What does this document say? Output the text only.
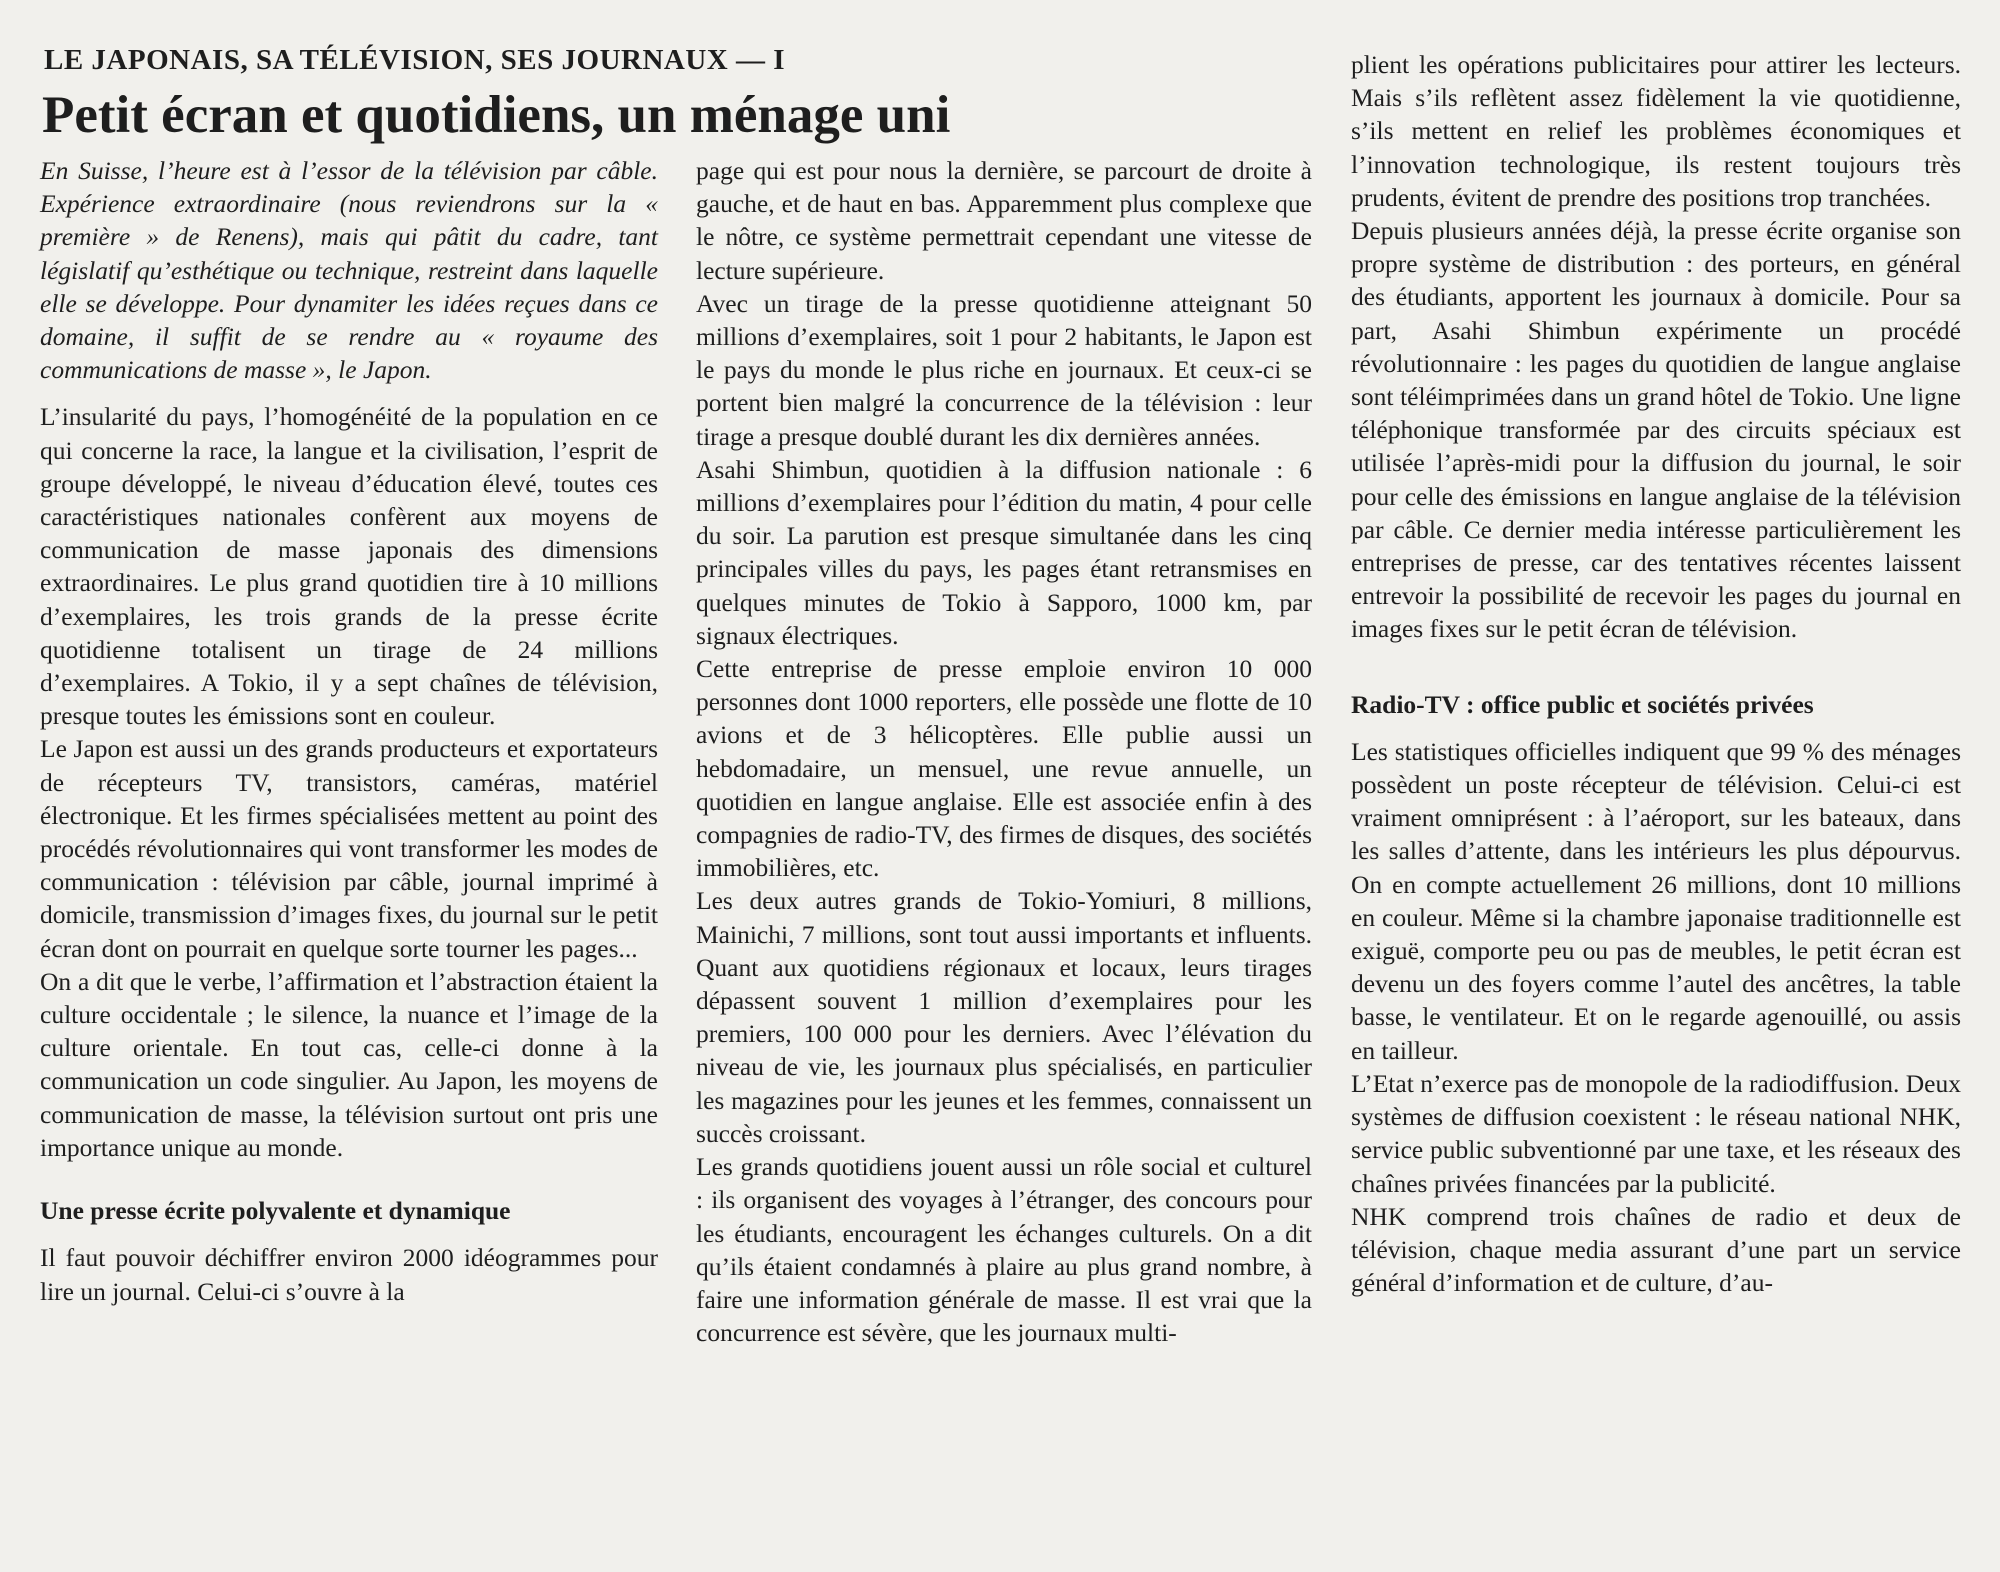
LE JAPONAIS, SA TÉLÉVISION, SES JOURNAUX — I
Petit écran et quotidiens, un ménage uni

En Suisse, l’heure est à l’essor de la télévision par câble. Expérience extraordinaire (nous reviendrons sur la « première » de Renens), mais qui pâtit du cadre, tant législatif qu’esthétique ou technique, restreint dans laquelle elle se développe. Pour dynamiter les idées reçues dans ce domaine, il suffit de se rendre au « royaume des communications de masse », le Japon.

L’insularité du pays, l’homogénéité de la population en ce qui concerne la race, la langue et la civilisation, l’esprit de groupe développé, le niveau d’éducation élevé, toutes ces caractéristiques nationales confèrent aux moyens de communication de masse japonais des dimensions extraordinaires. Le plus grand quotidien tire à 10 millions d’exemplaires, les trois grands de la presse écrite quotidienne totalisent un tirage de 24 millions d’exemplaires. A Tokio, il y a sept chaînes de télévision, presque toutes les émissions sont en couleur.

Le Japon est aussi un des grands producteurs et exportateurs de récepteurs TV, transistors, caméras, matériel électronique. Et les firmes spécialisées mettent au point des procédés révolutionnaires qui vont transformer les modes de communication : télévision par câble, journal imprimé à domicile, transmission d’images fixes, du journal sur le petit écran dont on pourrait en quelque sorte tourner les pages...

On a dit que le verbe, l’affirmation et l’abstraction étaient la culture occidentale ; le silence, la nuance et l’image de la culture orientale. En tout cas, celle-ci donne à la communication un code singulier. Au Japon, les moyens de communication de masse, la télévision surtout ont pris une importance unique au monde.

Une presse écrite polyvalente et dynamique

Il faut pouvoir déchiffrer environ 2000 idéogrammes pour lire un journal. Celui-ci s’ouvre à la

page qui est pour nous la dernière, se parcourt de droite à gauche, et de haut en bas. Apparemment plus complexe que le nôtre, ce système permettrait cependant une vitesse de lecture supérieure.

Avec un tirage de la presse quotidienne atteignant 50 millions d’exemplaires, soit 1 pour 2 habitants, le Japon est le pays du monde le plus riche en journaux. Et ceux-ci se portent bien malgré la concurrence de la télévision : leur tirage a presque doublé durant les dix dernières années.

Asahi Shimbun, quotidien à la diffusion nationale : 6 millions d’exemplaires pour l’édition du matin, 4 pour celle du soir. La parution est presque simultanée dans les cinq principales villes du pays, les pages étant retransmises en quelques minutes de Tokio à Sapporo, 1000 km, par signaux électriques.

Cette entreprise de presse emploie environ 10 000 personnes dont 1000 reporters, elle possède une flotte de 10 avions et de 3 hélicoptères. Elle publie aussi un hebdomadaire, un mensuel, une revue annuelle, un quotidien en langue anglaise. Elle est associée enfin à des compagnies de radio-TV, des firmes de disques, des sociétés immobilières, etc.

Les deux autres grands de Tokio-Yomiuri, 8 millions, Mainichi, 7 millions, sont tout aussi importants et influents. Quant aux quotidiens régionaux et locaux, leurs tirages dépassent souvent 1 million d’exemplaires pour les premiers, 100 000 pour les derniers. Avec l’élévation du niveau de vie, les journaux plus spécialisés, en particulier les magazines pour les jeunes et les femmes, connaissent un succès croissant.

Les grands quotidiens jouent aussi un rôle social et culturel : ils organisent des voyages à l’étranger, des concours pour les étudiants, encouragent les échanges culturels. On a dit qu’ils étaient condamnés à plaire au plus grand nombre, à faire une information générale de masse. Il est vrai que la concurrence est sévère, que les journaux multi-

plient les opérations publicitaires pour attirer les lecteurs. Mais s’ils reflètent assez fidèlement la vie quotidienne, s’ils mettent en relief les problèmes économiques et l’innovation technologique, ils restent toujours très prudents, évitent de prendre des positions trop tranchées.

Depuis plusieurs années déjà, la presse écrite organise son propre système de distribution : des porteurs, en général des étudiants, apportent les journaux à domicile. Pour sa part, Asahi Shimbun expérimente un procédé révolutionnaire : les pages du quotidien de langue anglaise sont téléimprimées dans un grand hôtel de Tokio. Une ligne téléphonique transformée par des circuits spéciaux est utilisée l’après-midi pour la diffusion du journal, le soir pour celle des émissions en langue anglaise de la télévision par câble. Ce dernier media intéresse particulièrement les entreprises de presse, car des tentatives récentes laissent entrevoir la possibilité de recevoir les pages du journal en images fixes sur le petit écran de télévision.

Radio-TV : office public et sociétés privées

Les statistiques officielles indiquent que 99 % des ménages possèdent un poste récepteur de télévision. Celui-ci est vraiment omniprésent : à l’aéroport, sur les bateaux, dans les salles d’attente, dans les intérieurs les plus dépourvus. On en compte actuellement 26 millions, dont 10 millions en couleur. Même si la chambre japonaise traditionnelle est exiguë, comporte peu ou pas de meubles, le petit écran est devenu un des foyers comme l’autel des ancêtres, la table basse, le ventilateur. Et on le regarde agenouillé, ou assis en tailleur.

L’Etat n’exerce pas de monopole de la radiodiffusion. Deux systèmes de diffusion coexistent : le réseau national NHK, service public subventionné par une taxe, et les réseaux des chaînes privées financées par la publicité.

NHK comprend trois chaînes de radio et deux de télévision, chaque media assurant d’une part un service général d’information et de culture, d’au-
